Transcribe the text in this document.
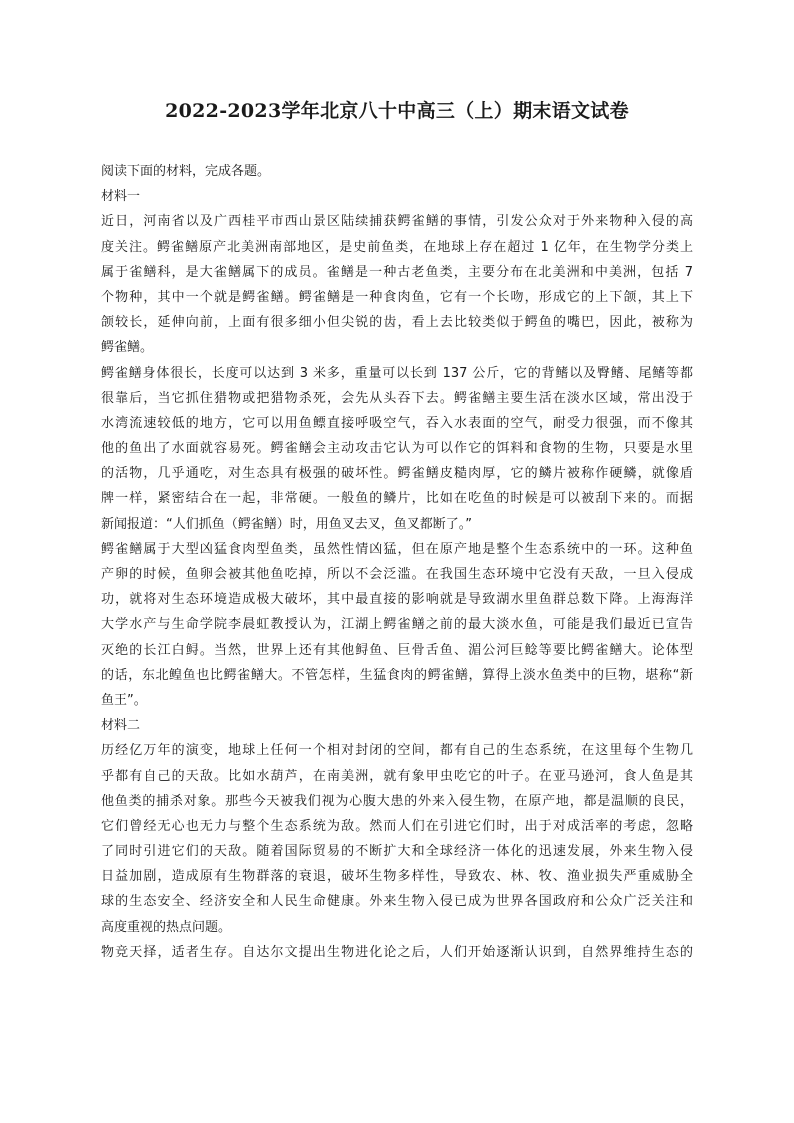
2022-2023学年北京八十中高三（上）期末语文试卷
阅读下面的材料，完成各题。
材料一
近日，河南省以及广西桂平市西山景区陆续捕获鳄雀鳝的事情，引发公众对于外来物种入侵的高
度关注。鳄雀鳝原产北美洲南部地区，是史前鱼类，在地球上存在超过 1 亿年，在生物学分类上
属于雀鳝科，是大雀鳝属下的成员。雀鳝是一种古老鱼类，主要分布在北美洲和中美洲，包括 7
个物种，其中一个就是鳄雀鳝。鳄雀鳝是一种食肉鱼，它有一个长吻，形成它的上下颌，其上下
颌较长，延伸向前，上面有很多细小但尖锐的齿，看上去比较类似于鳄鱼的嘴巴，因此，被称为
鳄雀鳝。
鳄雀鳝身体很长，长度可以达到 3 米多，重量可以长到 137 公斤，它的背鳍以及臀鳍、尾鳍等都
很靠后，当它抓住猎物或把猎物杀死，会先从头吞下去。鳄雀鳝主要生活在淡水区域，常出没于
水湾流速较低的地方，它可以用鱼鳔直接呼吸空气，吞入水表面的空气，耐受力很强，而不像其
他的鱼出了水面就容易死。鳄雀鳝会主动攻击它认为可以作它的饵料和食物的生物，只要是水里
的活物，几乎通吃，对生态具有极强的破坏性。鳄雀鳝皮糙肉厚，它的鳞片被称作硬鳞，就像盾
牌一样，紧密结合在一起，非常硬。一般鱼的鳞片，比如在吃鱼的时候是可以被刮下来的。而据
新闻报道：“人们抓鱼（鳄雀鳝）时，用鱼叉去叉，鱼叉都断了。”
鳄雀鳝属于大型凶猛食肉型鱼类，虽然性情凶猛，但在原产地是整个生态系统中的一环。这种鱼
产卵的时候，鱼卵会被其他鱼吃掉，所以不会泛滥。在我国生态环境中它没有天敌，一旦入侵成
功，就将对生态环境造成极大破坏，其中最直接的影响就是导致湖水里鱼群总数下降。上海海洋
大学水产与生命学院李晨虹教授认为，江湖上鳄雀鳝之前的最大淡水鱼，可能是我们最近已宣告
灭绝的长江白鲟。当然，世界上还有其他鲟鱼、巨骨舌鱼、湄公河巨鲶等要比鳄雀鳝大。论体型
的话，东北鳇鱼也比鳄雀鳝大。不管怎样，生猛食肉的鳄雀鳝，算得上淡水鱼类中的巨物，堪称“新
鱼王”。
材料二
历经亿万年的演变，地球上任何一个相对封闭的空间，都有自己的生态系统，在这里每个生物几
乎都有自己的天敌。比如水葫芦，在南美洲，就有象甲虫吃它的叶子。在亚马逊河，食人鱼是其
他鱼类的捕杀对象。那些今天被我们视为心腹大患的外来入侵生物，在原产地，都是温顺的良民，
它们曾经无心也无力与整个生态系统为敌。然而人们在引进它们时，出于对成活率的考虑，忽略
了同时引进它们的天敌。随着国际贸易的不断扩大和全球经济一体化的迅速发展，外来生物入侵
日益加剧，造成原有生物群落的衰退，破坏生物多样性，导致农、林、牧、渔业损失严重威胁全
球的生态安全、经济安全和人民生命健康。外来生物入侵已成为世界各国政府和公众广泛关注和
高度重视的热点问题。
物竞天择，适者生存。自达尔文提出生物进化论之后，人们开始逐渐认识到，自然界维持生态的
